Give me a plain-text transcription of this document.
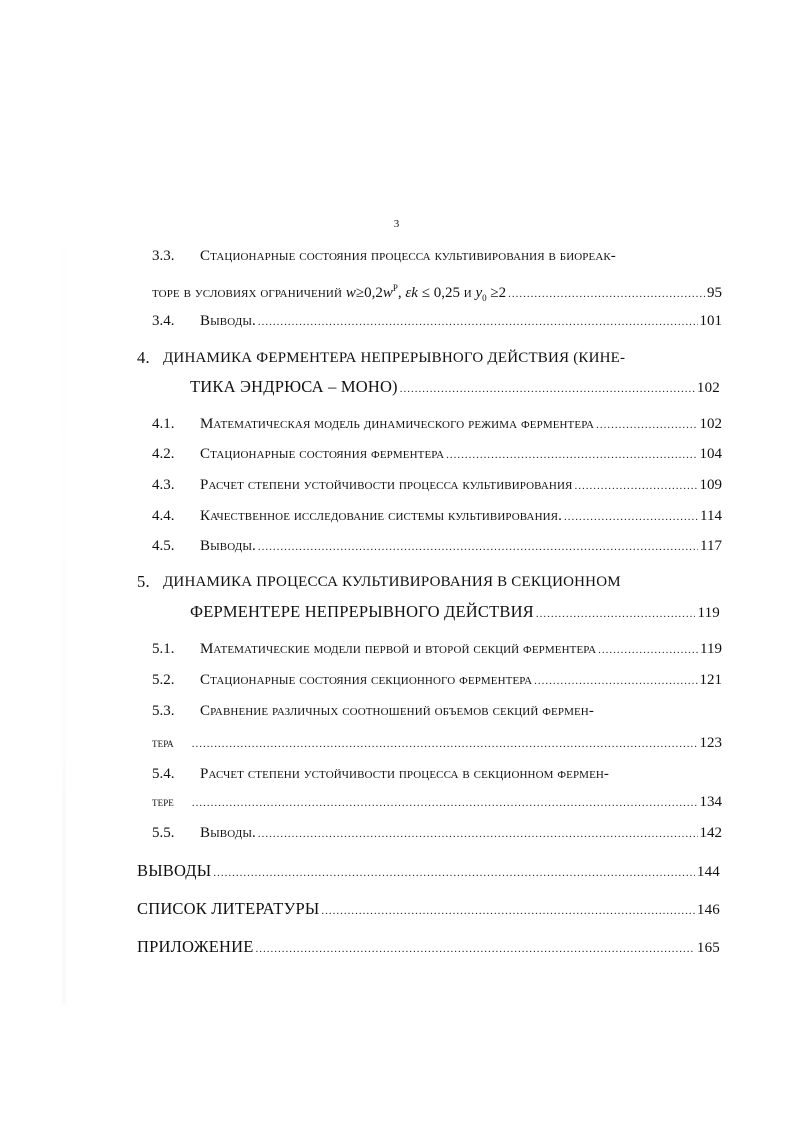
3
3.3. Стационарные состояния процесса культивирования в биореак-
торе в условиях ограничений $w\ge 0,2w^P$, εk ≤ 0,25 и $y_0 \ge 2$ .....	95
3.4. Выводы. .....	101
4. ДИНАМИКА ФЕРМЕНТЕРА НЕПРЕРЫВНОГО ДЕЙСТВИЯ (КИНЕ-
ТИКА ЭНДРЮСА – МОНО) .....	102
4.1. Математическая модель динамического режима ферментера .....	102
4.2. Стационарные состояния ферментера .....	104
4.3. Расчет степени устойчивости процесса культивирования .....	109
4.4. Качественное исследование системы культивирования. .....	114
4.5. Выводы. .....	117
5. ДИНАМИКА ПРОЦЕССА КУЛЬТИВИРОВАНИЯ В СЕКЦИОННОМ
ФЕРМЕНТЕРЕ НЕПРЕРЫВНОГО ДЕЙСТВИЯ .....	119
5.1. Математические модели первой и второй секций ферментера .....	119
5.2. Стационарные состояния секционного ферментера .....	121
5.3. Сравнение различных соотношений объемов секций фермен-
тера .....	123
5.4. Расчет степени устойчивости процесса в секционном фермен-
тере .....	134
5.5. Выводы. .....	142
ВЫВОДЫ .....	144
СПИСОК ЛИТЕРАТУРЫ .....	146
ПРИЛОЖЕНИЕ .....	165
